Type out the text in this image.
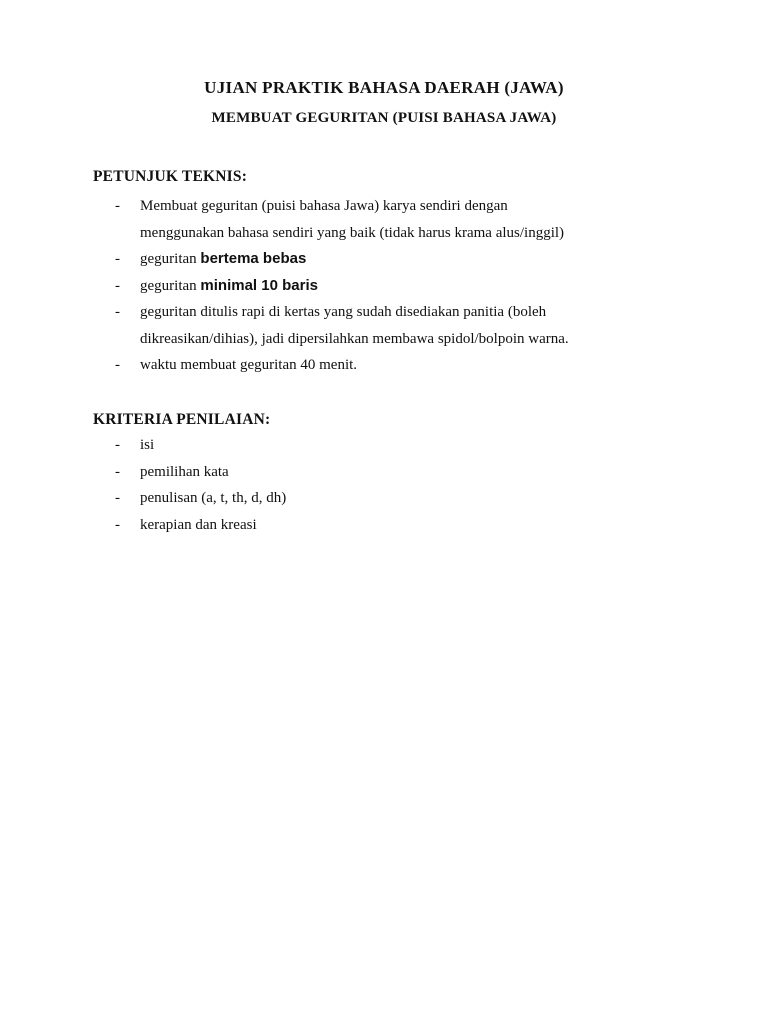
UJIAN PRAKTIK BAHASA DAERAH (JAWA)
MEMBUAT GEGURITAN (PUISI BAHASA JAWA)
PETUNJUK TEKNIS:
- Membuat geguritan (puisi bahasa Jawa) karya sendiri dengan
menggunakan bahasa sendiri yang baik (tidak harus krama alus/inggil)
- geguritan bertema bebas
- geguritan minimal 10 baris
- geguritan ditulis rapi di kertas yang sudah disediakan panitia (boleh
dikreasikan/dihias), jadi dipersilahkan membawa spidol/bolpoin warna.
- waktu membuat geguritan 40 menit.
KRITERIA PENILAIAN:
- isi
- pemilihan kata
- penulisan (a, t, th, d, dh)
- kerapian dan kreasi
